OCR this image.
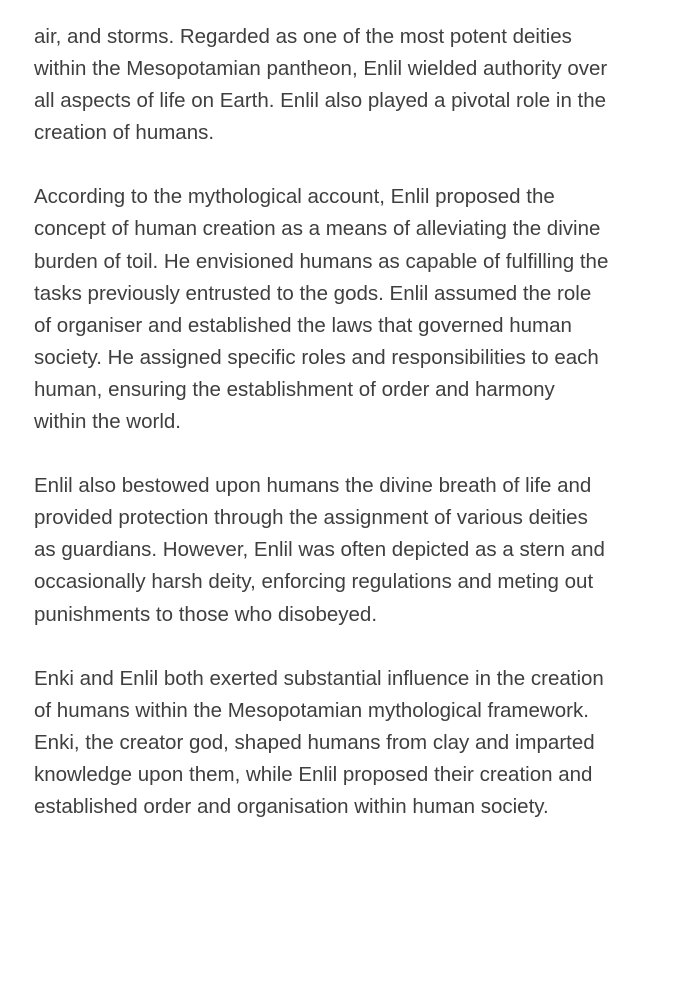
air, and storms. Regarded as one of the most potent deities
within the Mesopotamian pantheon, Enlil wielded authority over
all aspects of life on Earth. Enlil also played a pivotal role in the
creation of humans.

According to the mythological account, Enlil proposed the
concept of human creation as a means of alleviating the divine
burden of toil. He envisioned humans as capable of fulfilling the
tasks previously entrusted to the gods. Enlil assumed the role
of organiser and established the laws that governed human
society. He assigned specific roles and responsibilities to each
human, ensuring the establishment of order and harmony
within the world.

Enlil also bestowed upon humans the divine breath of life and
provided protection through the assignment of various deities
as guardians. However, Enlil was often depicted as a stern and
occasionally harsh deity, enforcing regulations and meting out
punishments to those who disobeyed.

Enki and Enlil both exerted substantial influence in the creation
of humans within the Mesopotamian mythological framework.
Enki, the creator god, shaped humans from clay and imparted
knowledge upon them, while Enlil proposed their creation and
established order and organisation within human society.
